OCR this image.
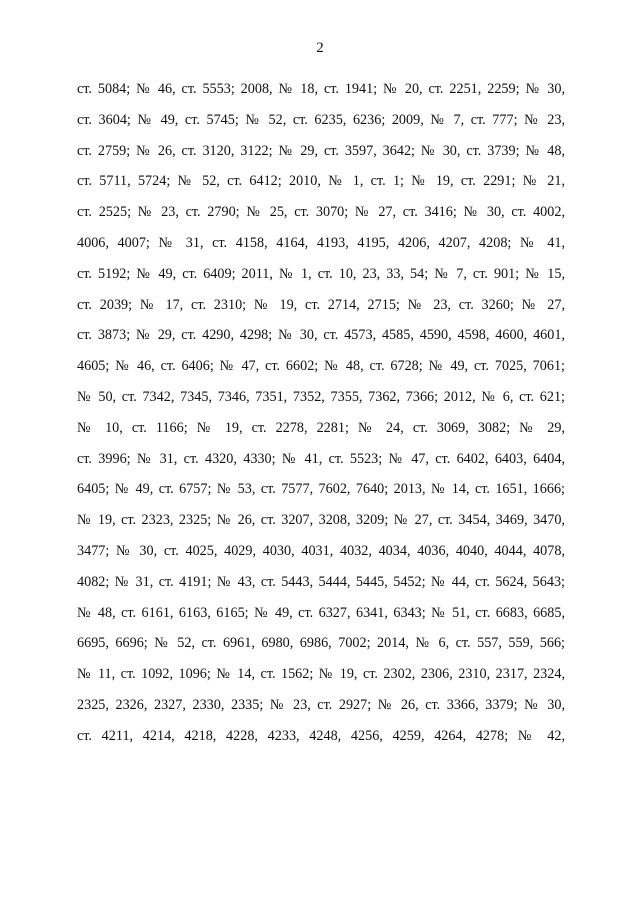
2
ст. 5084; № 46, ст. 5553; 2008, № 18, ст. 1941; № 20, ст. 2251, 2259; № 30,
ст. 3604; № 49, ст. 5745; № 52, ст. 6235, 6236; 2009, № 7, ст. 777; № 23,
ст. 2759; № 26, ст. 3120, 3122; № 29, ст. 3597, 3642; № 30, ст. 3739; № 48,
ст. 5711, 5724; № 52, ст. 6412; 2010, № 1, ст. 1; № 19, ст. 2291; № 21,
ст. 2525; № 23, ст. 2790; № 25, ст. 3070; № 27, ст. 3416; № 30, ст. 4002,
4006, 4007; № 31, ст. 4158, 4164, 4193, 4195, 4206, 4207, 4208; № 41,
ст. 5192; № 49, ст. 6409; 2011, № 1, ст. 10, 23, 33, 54; № 7, ст. 901; № 15,
ст. 2039; № 17, ст. 2310; № 19, ст. 2714, 2715; № 23, ст. 3260; № 27,
ст. 3873; № 29, ст. 4290, 4298; № 30, ст. 4573, 4585, 4590, 4598, 4600, 4601,
4605; № 46, ст. 6406; № 47, ст. 6602; № 48, ст. 6728; № 49, ст. 7025, 7061;
№ 50, ст. 7342, 7345, 7346, 7351, 7352, 7355, 7362, 7366; 2012, № 6, ст. 621;
№ 10, ст. 1166; № 19, ст. 2278, 2281; № 24, ст. 3069, 3082; № 29,
ст. 3996; № 31, ст. 4320, 4330; № 41, ст. 5523; № 47, ст. 6402, 6403, 6404,
6405; № 49, ст. 6757; № 53, ст. 7577, 7602, 7640; 2013, № 14, ст. 1651, 1666;
№ 19, ст. 2323, 2325; № 26, ст. 3207, 3208, 3209; № 27, ст. 3454, 3469, 3470,
3477; № 30, ст. 4025, 4029, 4030, 4031, 4032, 4034, 4036, 4040, 4044, 4078,
4082; № 31, ст. 4191; № 43, ст. 5443, 5444, 5445, 5452; № 44, ст. 5624, 5643;
№ 48, ст. 6161, 6163, 6165; № 49, ст. 6327, 6341, 6343; № 51, ст. 6683, 6685,
6695, 6696; № 52, ст. 6961, 6980, 6986, 7002; 2014, № 6, ст. 557, 559, 566;
№ 11, ст. 1092, 1096; № 14, ст. 1562; № 19, ст. 2302, 2306, 2310, 2317, 2324,
2325, 2326, 2327, 2330, 2335; № 23, ст. 2927; № 26, ст. 3366, 3379; № 30,
ст. 4211, 4214, 4218, 4228, 4233, 4248, 4256, 4259, 4264, 4278; № 42,
